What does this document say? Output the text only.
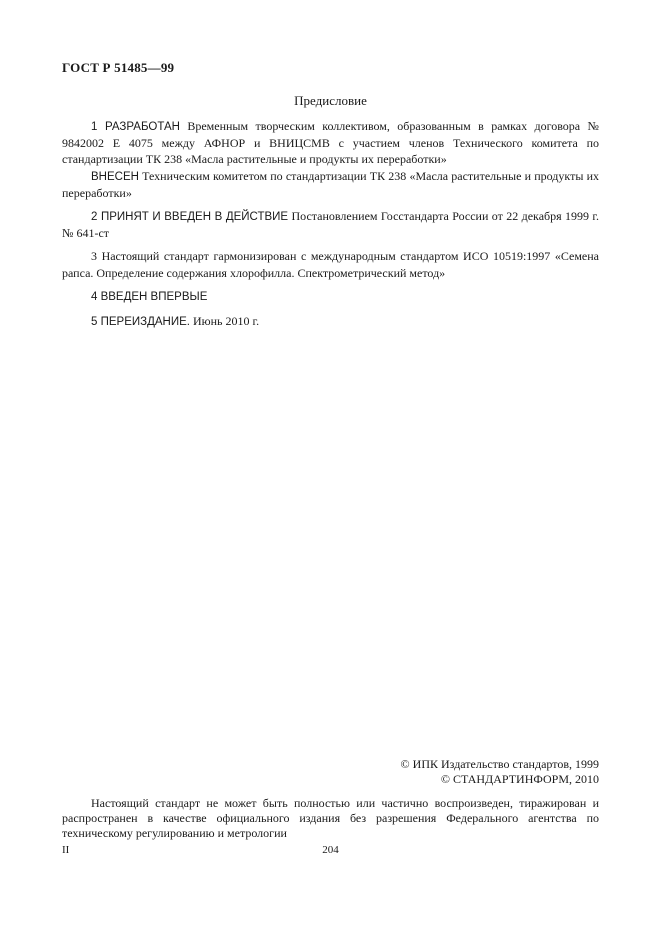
ГОСТ Р 51485—99
Предисловие
1 РАЗРАБОТАН Временным творческим коллективом, образованным в рамках договора № 9842002 Е 4075 между АФНОР и ВНИЦСМВ с участием членов Технического комитета по стандартизации ТК 238 «Масла растительные и продукты их переработки»
ВНЕСЕН Техническим комитетом по стандартизации ТК 238 «Масла растительные и продукты их переработки»
2 ПРИНЯТ И ВВЕДЕН В ДЕЙСТВИЕ Постановлением Госстандарта России от 22 декабря 1999 г. № 641-ст
3 Настоящий стандарт гармонизирован с международным стандартом ИСО 10519:1997 «Семена рапса. Определение содержания хлорофилла. Спектрометрический метод»
4 ВВЕДЕН ВПЕРВЫЕ
5 ПЕРЕИЗДАНИЕ. Июнь 2010 г.
© ИПК Издательство стандартов, 1999
© СТАНДАРТИНФОРМ, 2010
Настоящий стандарт не может быть полностью или частично воспроизведен, тиражирован и распространен в качестве официального издания без разрешения Федерального агентства по техническому регулированию и метрологии
II	204
